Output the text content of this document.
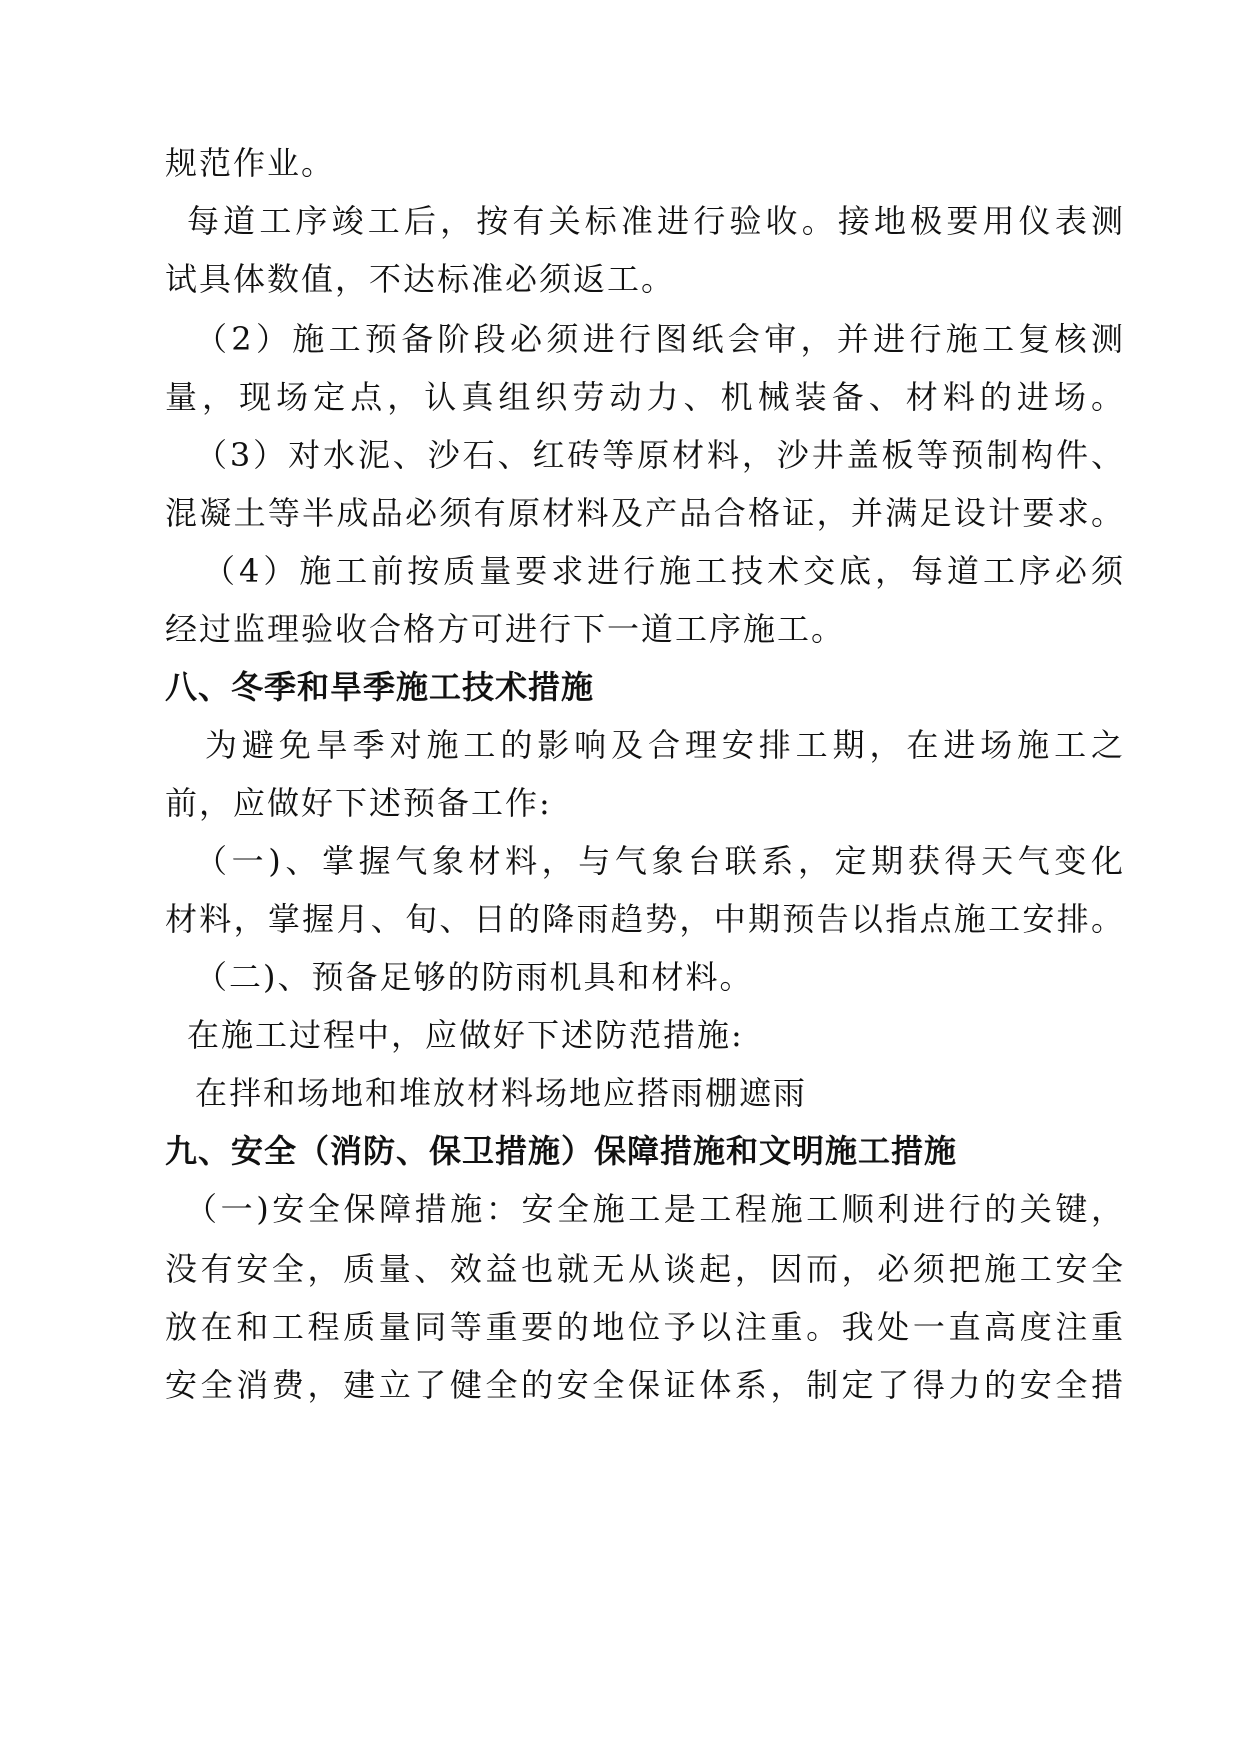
规范作业。
每道工序竣工后，按有关标准进行验收。接地极要用仪表测
试具体数值，不达标准必须返工。
（2）施工预备阶段必须进行图纸会审，并进行施工复核测
量，现场定点，认真组织劳动力、机械装备、材料的进场。
（3）对水泥、沙石、红砖等原材料，沙井盖板等预制构件、
混凝土等半成品必须有原材料及产品合格证，并满足设计要求。
（4）施工前按质量要求进行施工技术交底，每道工序必须
经过监理验收合格方可进行下一道工序施工。
八、冬季和旱季施工技术措施
为避免旱季对施工的影响及合理安排工期，在进场施工之
前，应做好下述预备工作:
（一)、掌握气象材料，与气象台联系，定期获得天气变化
材料，掌握月、旬、日的降雨趋势，中期预告以指点施工安排。
（二)、预备足够的防雨机具和材料。
在施工过程中，应做好下述防范措施:
在拌和场地和堆放材料场地应搭雨棚遮雨
九、安全（消防、保卫措施）保障措施和文明施工措施
（一)安全保障措施：安全施工是工程施工顺利进行的关键，
没有安全，质量、效益也就无从谈起，因而，必须把施工安全
放在和工程质量同等重要的地位予以注重。我处一直高度注重
安全消费，建立了健全的安全保证体系，制定了得力的安全措
